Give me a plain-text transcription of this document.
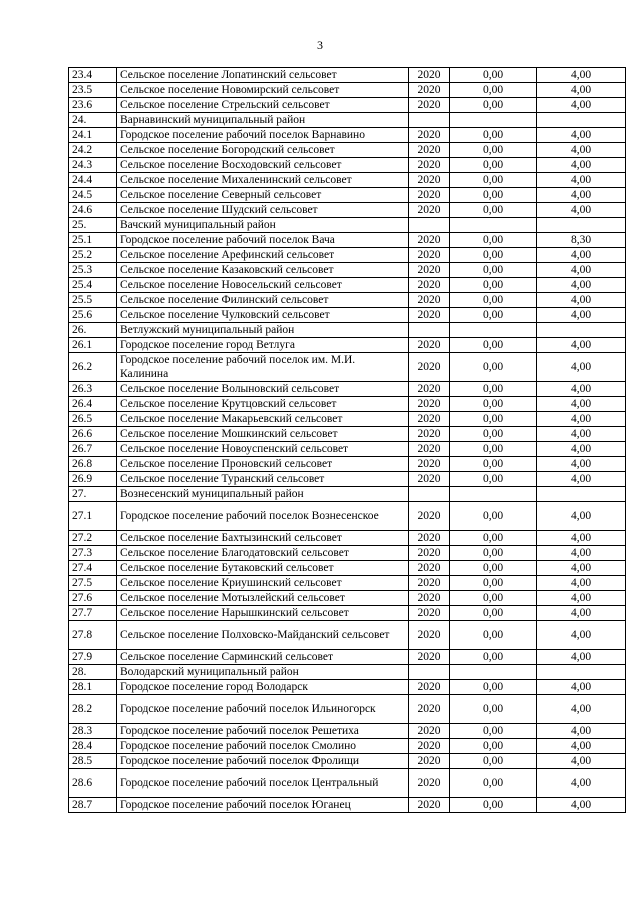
3
23.4	Сельское поселение Лопатинский сельсовет	2020	0,00	4,00
23.5	Сельское поселение Новомирский сельсовет	2020	0,00	4,00
23.6	Сельское поселение Стрельский сельсовет	2020	0,00	4,00
24.	Варнавинский муниципальный район			
24.1	Городское поселение рабочий поселок Варнавино	2020	0,00	4,00
24.2	Сельское поселение Богородский сельсовет	2020	0,00	4,00
24.3	Сельское поселение Восходовский сельсовет	2020	0,00	4,00
24.4	Сельское поселение Михаленинский сельсовет	2020	0,00	4,00
24.5	Сельское поселение Северный сельсовет	2020	0,00	4,00
24.6	Сельское поселение Шудский сельсовет	2020	0,00	4,00
25.	Вачский муниципальный район			
25.1	Городское поселение рабочий поселок Вача	2020	0,00	8,30
25.2	Сельское поселение Арефинский сельсовет	2020	0,00	4,00
25.3	Сельское поселение Казаковский сельсовет	2020	0,00	4,00
25.4	Сельское поселение Новосельский сельсовет	2020	0,00	4,00
25.5	Сельское поселение Филинский сельсовет	2020	0,00	4,00
25.6	Сельское поселение Чулковский сельсовет	2020	0,00	4,00
26.	Ветлужский муниципальный район			
26.1	Городское поселение город Ветлуга	2020	0,00	4,00
26.2	Городское поселение рабочий поселок им. М.И. Калинина	2020	0,00	4,00
26.3	Сельское поселение Волыновский сельсовет	2020	0,00	4,00
26.4	Сельское поселение Крутцовский сельсовет	2020	0,00	4,00
26.5	Сельское поселение Макарьевский сельсовет	2020	0,00	4,00
26.6	Сельское поселение Мошкинский сельсовет	2020	0,00	4,00
26.7	Сельское поселение Новоуспенский сельсовет	2020	0,00	4,00
26.8	Сельское поселение Проновский сельсовет	2020	0,00	4,00
26.9	Сельское поселение Туранский сельсовет	2020	0,00	4,00
27.	Вознесенский муниципальный район			
27.1	Городское поселение рабочий поселок Вознесенское	2020	0,00	4,00
27.2	Сельское поселение Бахтызинский сельсовет	2020	0,00	4,00
27.3	Сельское поселение Благодатовский сельсовет	2020	0,00	4,00
27.4	Сельское поселение Бутаковский сельсовет	2020	0,00	4,00
27.5	Сельское поселение Криушинский сельсовет	2020	0,00	4,00
27.6	Сельское поселение Мотызлейский сельсовет	2020	0,00	4,00
27.7	Сельское поселение Нарышкинский сельсовет	2020	0,00	4,00
27.8	Сельское поселение Полховско-Майданский сельсовет	2020	0,00	4,00
27.9	Сельское поселение Сарминский сельсовет	2020	0,00	4,00
28.	Володарский муниципальный район			
28.1	Городское поселение город Володарск	2020	0,00	4,00
28.2	Городское поселение рабочий поселок Ильиногорск	2020	0,00	4,00
28.3	Городское поселение рабочий поселок Решетиха	2020	0,00	4,00
28.4	Городское поселение рабочий поселок Смолино	2020	0,00	4,00
28.5	Городское поселение рабочий поселок Фролищи	2020	0,00	4,00
28.6	Городское поселение рабочий поселок Центральный	2020	0,00	4,00
28.7	Городское поселение рабочий поселок Юганец	2020	0,00	4,00
